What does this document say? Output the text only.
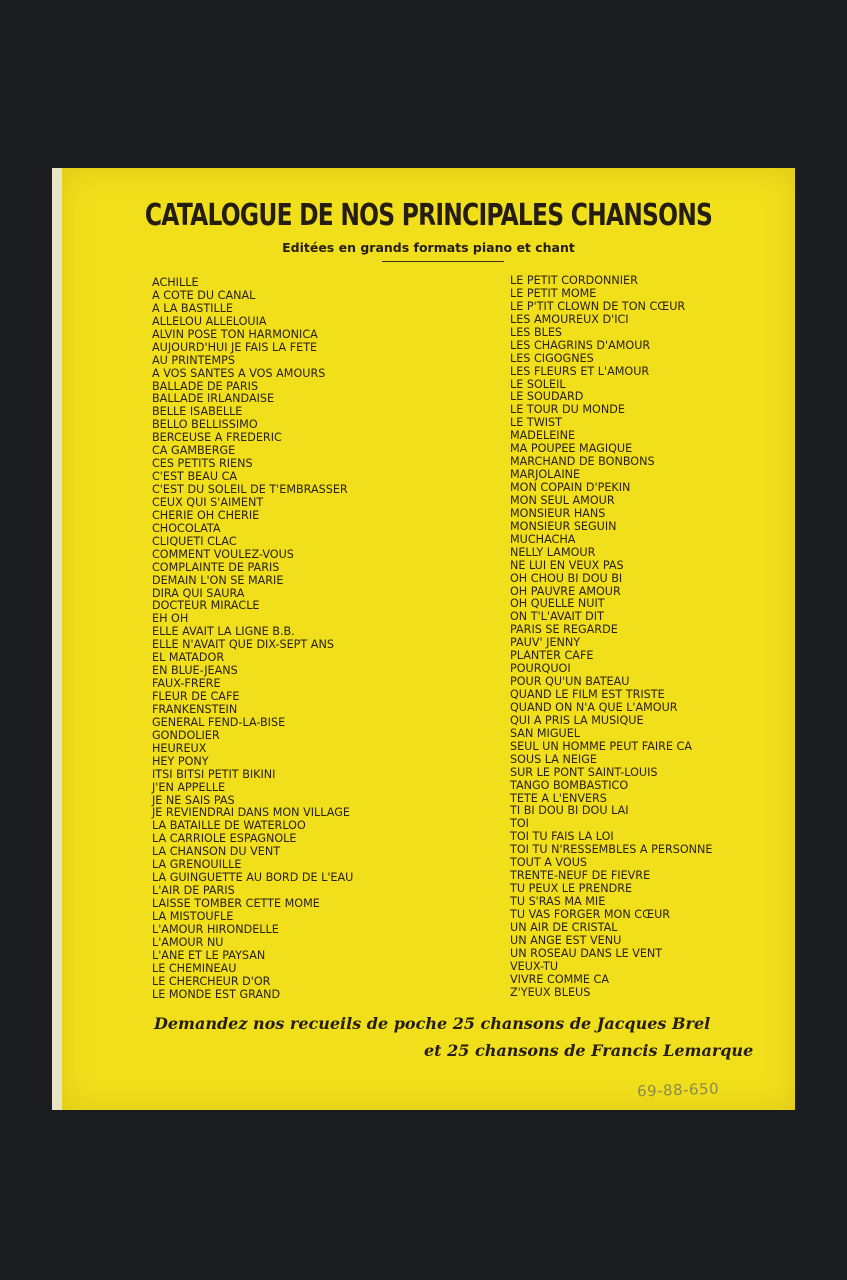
CATALOGUE DE NOS PRINCIPALES CHANSONS
Editées en grands formats piano et chant
ACHILLE
A COTE DU CANAL
A LA BASTILLE
ALLELOU ALLELOUIA
ALVIN POSE TON HARMONICA
AUJOURD'HUI JE FAIS LA FETE
AU PRINTEMPS
A VOS SANTES A VOS AMOURS
BALLADE DE PARIS
BALLADE IRLANDAISE
BELLE ISABELLE
BELLO BELLISSIMO
BERCEUSE A FREDERIC
CA GAMBERGE
CES PETITS RIENS
C'EST BEAU CA
C'EST DU SOLEIL DE T'EMBRASSER
CEUX QUI S'AIMENT
CHERIE OH CHERIE
CHOCOLATA
CLIQUETI CLAC
COMMENT VOULEZ-VOUS
COMPLAINTE DE PARIS
DEMAIN L'ON SE MARIE
DIRA QUI SAURA
DOCTEUR MIRACLE
EH OH
ELLE AVAIT LA LIGNE B.B.
ELLE N'AVAIT QUE DIX-SEPT ANS
EL MATADOR
EN BLUE-JEANS
FAUX-FRERE
FLEUR DE CAFE
FRANKENSTEIN
GENERAL FEND-LA-BISE
GONDOLIER
HEUREUX
HEY PONY
ITSI BITSI PETIT BIKINI
J'EN APPELLE
JE NE SAIS PAS
JE REVIENDRAI DANS MON VILLAGE
LA BATAILLE DE WATERLOO
LA CARRIOLE ESPAGNOLE
LA CHANSON DU VENT
LA GRENOUILLE
LA GUINGUETTE AU BORD DE L'EAU
L'AIR DE PARIS
LAISSE TOMBER CETTE MOME
LA MISTOUFLE
L'AMOUR HIRONDELLE
L'AMOUR NU
L'ANE ET LE PAYSAN
LE CHEMINEAU
LE CHERCHEUR D'OR
LE MONDE EST GRAND
LE PETIT CORDONNIER
LE PETIT MOME
LE P'TIT CLOWN DE TON CŒUR
LES AMOUREUX D'ICI
LES BLES
LES CHAGRINS D'AMOUR
LES CIGOGNES
LES FLEURS ET L'AMOUR
LE SOLEIL
LE SOUDARD
LE TOUR DU MONDE
LE TWIST
MADELEINE
MA POUPEE MAGIQUE
MARCHAND DE BONBONS
MARJOLAINE
MON COPAIN D'PEKIN
MON SEUL AMOUR
MONSIEUR HANS
MONSIEUR SEGUIN
MUCHACHA
NELLY LAMOUR
NE LUI EN VEUX PAS
OH CHOU BI DOU BI
OH PAUVRE AMOUR
OH QUELLE NUIT
ON T'L'AVAIT DIT
PARIS SE REGARDE
PAUV' JENNY
PLANTER CAFE
POURQUOI
POUR QU'UN BATEAU
QUAND LE FILM EST TRISTE
QUAND ON N'A QUE L'AMOUR
QUI A PRIS LA MUSIQUE
SAN MIGUEL
SEUL UN HOMME PEUT FAIRE CA
SOUS LA NEIGE
SUR LE PONT SAINT-LOUIS
TANGO BOMBASTICO
TETE A L'ENVERS
TI BI DOU BI DOU LAI
TOI
TOI TU FAIS LA LOI
TOI TU N'RESSEMBLES A PERSONNE
TOUT A VOUS
TRENTE-NEUF DE FIEVRE
TU PEUX LE PRENDRE
TU S'RAS MA MIE
TU VAS FORGER MON CŒUR
UN AIR DE CRISTAL
UN ANGE EST VENU
UN ROSEAU DANS LE VENT
VEUX-TU
VIVRE COMME CA
Z'YEUX BLEUS
Demandez nos recueils de poche 25 chansons de Jacques Brel
et 25 chansons de Francis Lemarque
69-88-650
